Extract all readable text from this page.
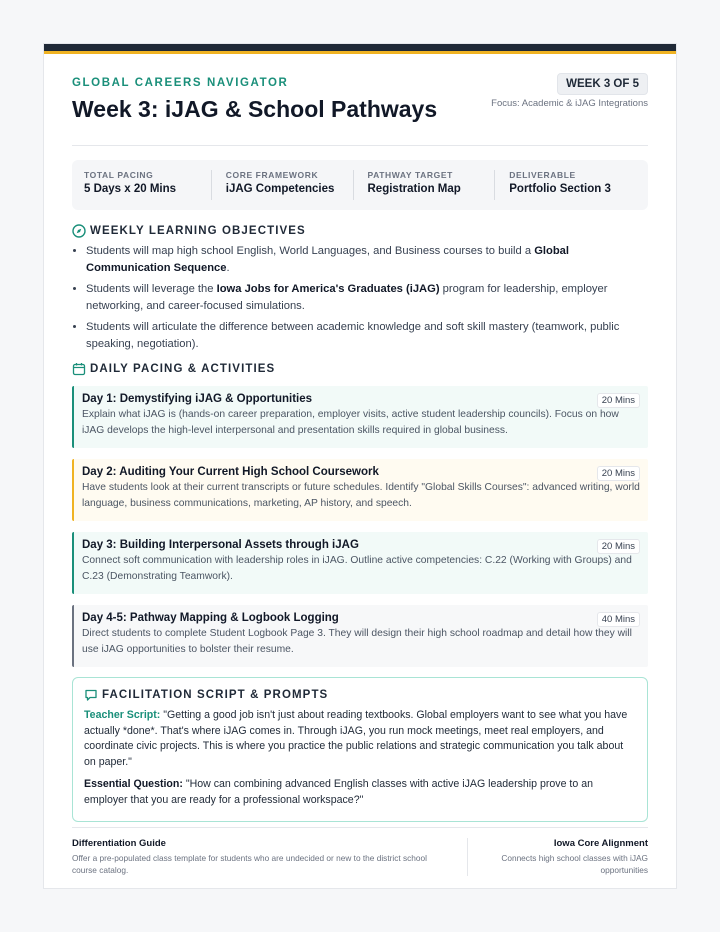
GLOBAL CAREERS NAVIGATOR
Week 3: iJAG & School Pathways
WEEK 3 OF 5
Focus: Academic & iJAG Integrations
TOTAL PACING
5 Days x 20 Mins
CORE FRAMEWORK
iJAG Competencies
PATHWAY TARGET
Registration Map
DELIVERABLE
Portfolio Section 3
WEEKLY LEARNING OBJECTIVES
• Students will map high school English, World Languages, and Business courses to build a Global Communication Sequence.
• Students will leverage the Iowa Jobs for America's Graduates (iJAG) program for leadership, employer networking, and career-focused simulations.
• Students will articulate the difference between academic knowledge and soft skill mastery (teamwork, public speaking, negotiation).
DAILY PACING & ACTIVITIES
Day 1: Demystifying iJAG & Opportunities	20 Mins
Explain what iJAG is (hands-on career preparation, employer visits, active student leadership councils). Focus on how iJAG develops the high-level interpersonal and presentation skills required in global business.
Day 2: Auditing Your Current High School Coursework	20 Mins
Have students look at their current transcripts or future schedules. Identify "Global Skills Courses": advanced writing, world language, business communications, marketing, AP history, and speech.
Day 3: Building Interpersonal Assets through iJAG	20 Mins
Connect soft communication with leadership roles in iJAG. Outline active competencies: C.22 (Working with Groups) and C.23 (Demonstrating Teamwork).
Day 4-5: Pathway Mapping & Logbook Logging	40 Mins
Direct students to complete Student Logbook Page 3. They will design their high school roadmap and detail how they will use iJAG opportunities to bolster their resume.
FACILITATION SCRIPT & PROMPTS

Teacher Script: "Getting a good job isn't just about reading textbooks. Global employers want to see what you have actually *done*. That's where iJAG comes in. Through iJAG, you run mock meetings, meet real employers, and coordinate civic projects. This is where you practice the public relations and strategic communication you talk about on paper."

Essential Question: "How can combining advanced English classes with active iJAG leadership prove to an employer that you are ready for a professional workspace?"

Differentiation Guide
Offer a pre-populated class template for students who are undecided or new to the district school course catalog.
Iowa Core Alignment
Connects high school classes with iJAG opportunities
